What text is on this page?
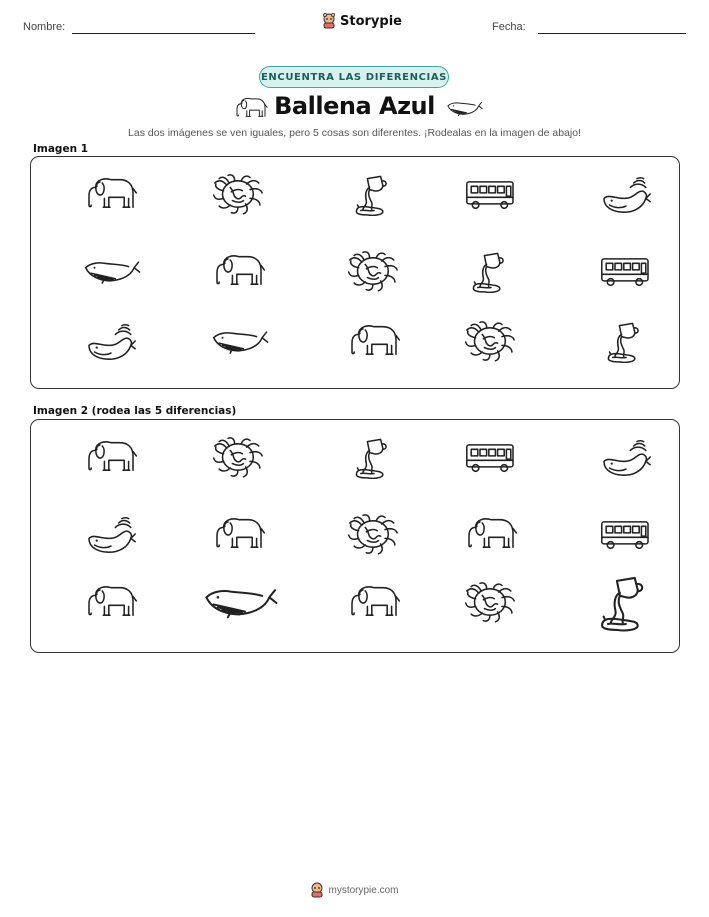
Nombre:	Storypie	Fecha:
ENCUENTRA LAS DIFERENCIAS
Ballena Azul
Las dos imágenes se ven iguales, pero 5 cosas son diferentes. ¡Rodealas en la imagen de abajo!
Imagen 1
Imagen 2 (rodea las 5 diferencias)
mystorypie.com
